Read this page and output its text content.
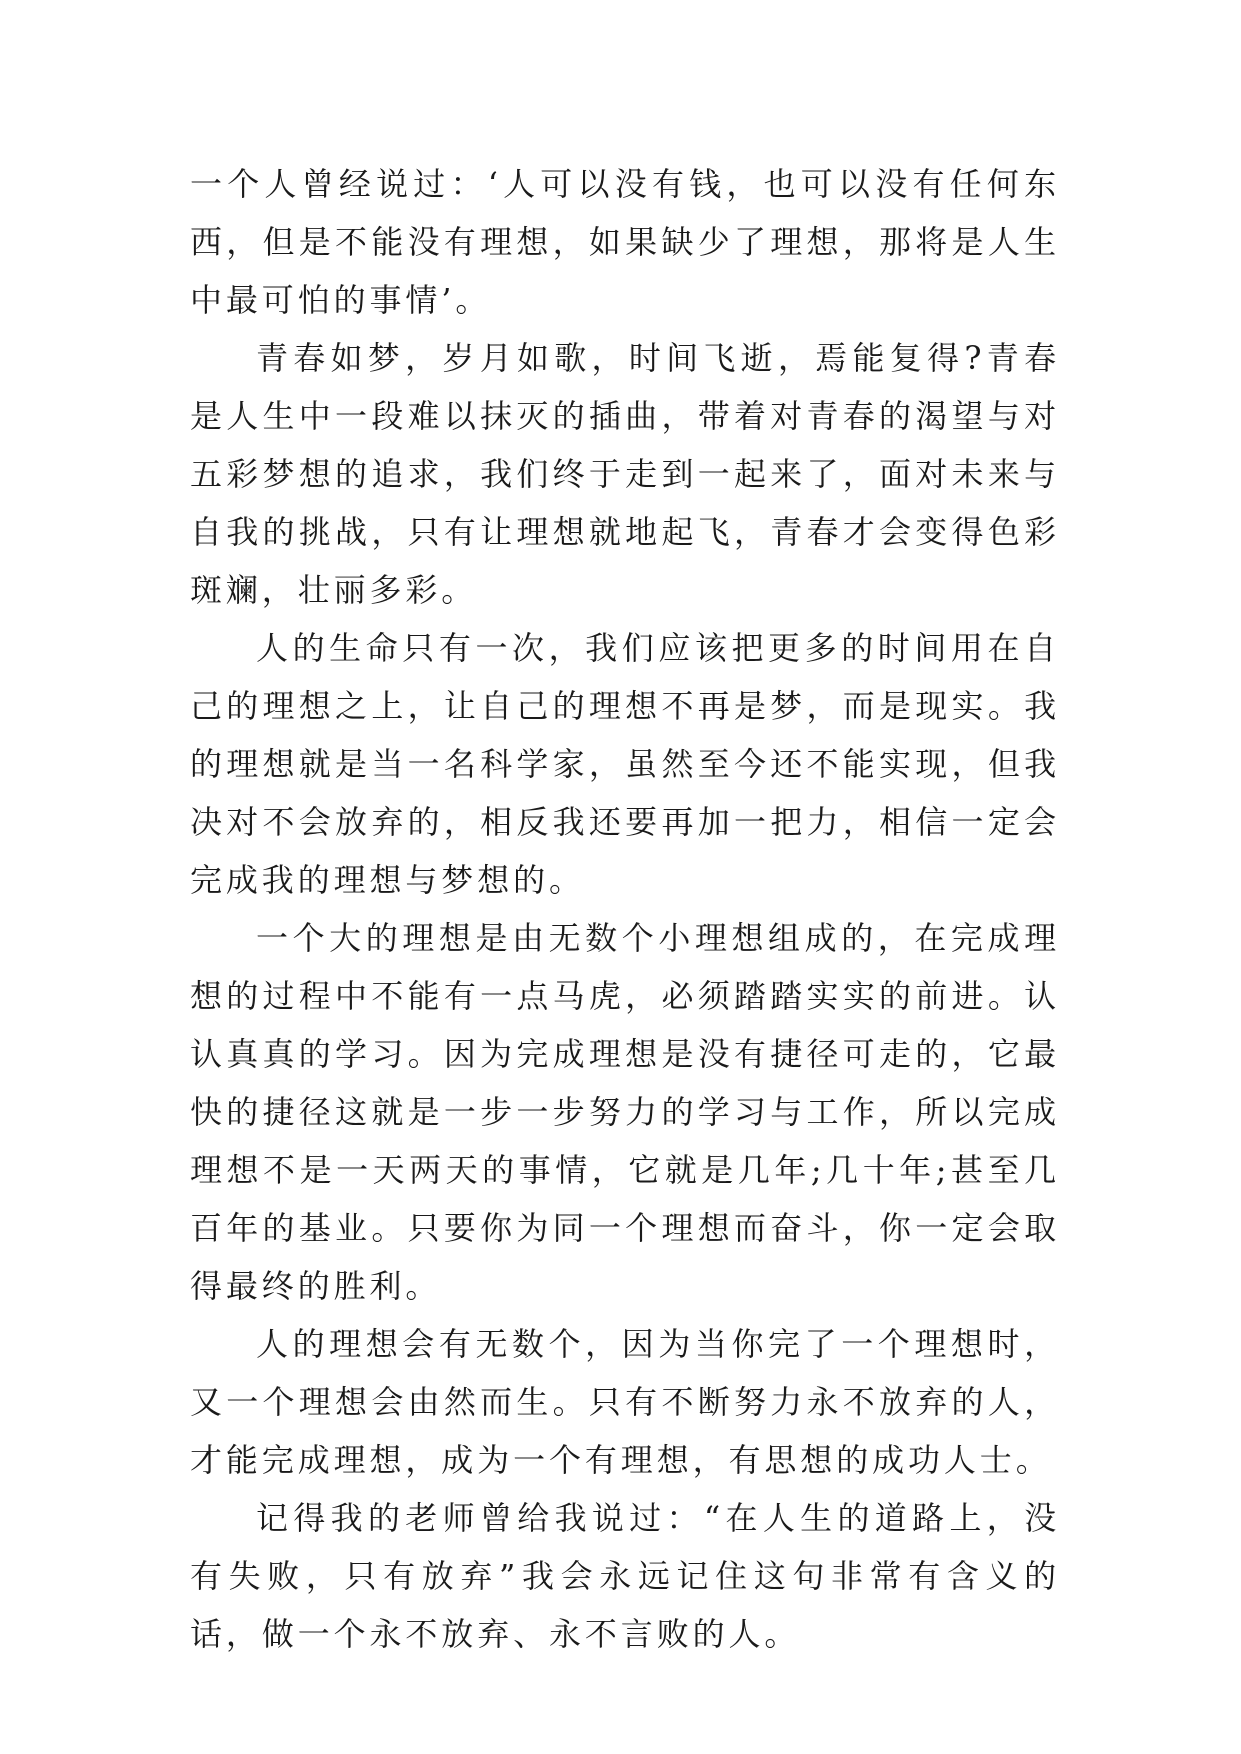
一个人曾经说过：‘人可以没有钱，也可以没有任何东西，但是不能没有理想，如果缺少了理想，那将是人生中最可怕的事情’。

青春如梦，岁月如歌，时间飞逝，焉能复得?青春是人生中一段难以抹灭的插曲，带着对青春的渴望与对五彩梦想的追求，我们终于走到一起来了，面对未来与自我的挑战，只有让理想就地起飞，青春才会变得色彩斑斓，壮丽多彩。

人的生命只有一次，我们应该把更多的时间用在自己的理想之上，让自己的理想不再是梦，而是现实。我的理想就是当一名科学家，虽然至今还不能实现，但我决对不会放弃的，相反我还要再加一把力，相信一定会完成我的理想与梦想的。

一个大的理想是由无数个小理想组成的，在完成理想的过程中不能有一点马虎，必须踏踏实实的前进。认认真真的学习。因为完成理想是没有捷径可走的，它最快的捷径这就是一步一步努力的学习与工作，所以完成理想不是一天两天的事情，它就是几年;几十年;甚至几百年的基业。只要你为同一个理想而奋斗，你一定会取得最终的胜利。

人的理想会有无数个，因为当你完了一个理想时，又一个理想会由然而生。只有不断努力永不放弃的人，才能完成理想，成为一个有理想，有思想的成功人士。

记得我的老师曾给我说过：“在人生的道路上，没有失败，只有放弃”我会永远记住这句非常有含义的话，做一个永不放弃、永不言败的人。
